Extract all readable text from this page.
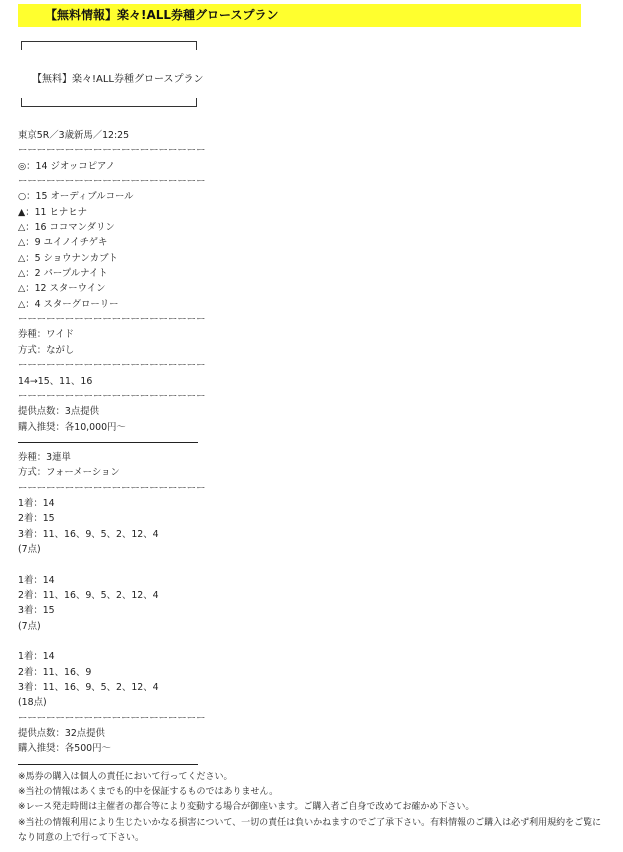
【無料情報】楽々!ALL券種グロースプラン
【無料】楽々!ALL券種グロースプラン
東京5R／3歳新馬／12:25
ーーーーーーーーーーーーーーーーーーーー
◎：14 ジオッコピアノ
ーーーーーーーーーーーーーーーーーーーー
○：15 オーディブルコール
▲：11 ヒナヒナ
△：16 ココマンダリン
△：9 ユイノイチゲキ
△：5 ショウナンカブト
△：2 パープルナイト
△：12 スターウイン
△：4 スターグローリー
ーーーーーーーーーーーーーーーーーーーー
券種：ワイド
方式：ながし
ーーーーーーーーーーーーーーーーーーーー
14→15、11、16
ーーーーーーーーーーーーーーーーーーーー
提供点数：3点提供
購入推奨：各10,000円〜
券種：3連単
方式：フォーメーション
ーーーーーーーーーーーーーーーーーーーー
1着：14
2着：15
3着：11、16、9、5、2、12、4
(7点)
1着：14
2着：11、16、9、5、2、12、4
3着：15
(7点)
1着：14
2着：11、16、9
3着：11、16、9、5、2、12、4
(18点)
ーーーーーーーーーーーーーーーーーーーー
提供点数：32点提供
購入推奨：各500円〜
※馬券の購入は個人の責任において行ってください。
※当社の情報はあくまでも的中を保証するものではありません。
※レース発走時間は主催者の都合等により変動する場合が御座います。ご購入者ご自身で改めてお確かめ下さい。
※当社の情報利用により生じたいかなる損害について、一切の責任は負いかねますのでご了承下さい。有料情報のご購入は必ず利用規約をご覧になり同意の上で行って下さい。
